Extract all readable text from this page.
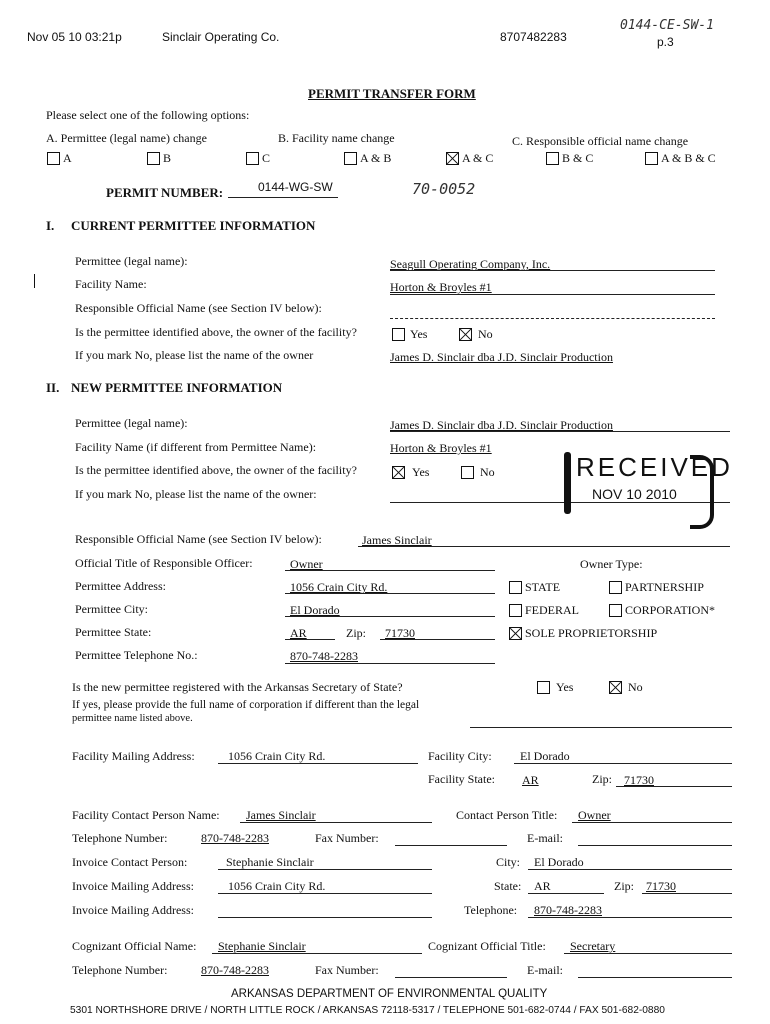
Nov 05 10 03:21p	Sinclair Operating Co.	8707482283
0144-CE-SW-1
p.3
PERMIT TRANSFER FORM
Please select one of the following options:
A. Permittee (legal name) change	B. Facility name change	C. Responsible official name change
A	B	C	A & B	A & C	B & C	A & B & C
PERMIT NUMBER:	0144-WG-SW	70-0052
I. CURRENT PERMITTEE INFORMATION
Permittee (legal name):	Seagull Operating Company, Inc.
Facility Name:	Horton & Broyles #1
Responsible Official Name (see Section IV below):
Is the permittee identified above, the owner of the facility?	Yes	No
If you mark No, please list the name of the owner	James D. Sinclair dba J.D. Sinclair Production
II. NEW PERMITTEE INFORMATION
Permittee (legal name):	James D. Sinclair dba J.D. Sinclair Production
Facility Name (if different from Permittee Name):	Horton & Broyles #1
Is the permittee identified above, the owner of the facility?	Yes	No
If you mark No, please list the name of the owner:
RECEIVED
NOV 10 2010
Responsible Official Name (see Section IV below):	James Sinclair
Official Title of Responsible Officer:	Owner	Owner Type:
Permittee Address:	1056 Crain City Rd.
Permittee City:	El Dorado
Permittee State:	AR	Zip: 71730
Permittee Telephone No.:	870-748-2283
STATE	PARTNERSHIP
FEDERAL	CORPORATION*
SOLE PROPRIETORSHIP
Is the new permittee registered with the Arkansas Secretary of State?	Yes	No
If yes, please provide the full name of corporation if different than the legal
permittee name listed above.
Facility Mailing Address:	1056 Crain City Rd.	Facility City: El Dorado
Facility State: AR	Zip: 71730
Facility Contact Person Name: James Sinclair	Contact Person Title: Owner
Telephone Number:	870-748-2283	Fax Number:	E-mail:
Invoice Contact Person:	Stephanie Sinclair	City: El Dorado
Invoice Mailing Address:	1056 Crain City Rd.	State: AR	Zip: 71730
Invoice Mailing Address:	Telephone: 870-748-2283
Cognizant Official Name: Stephanie Sinclair	Cognizant Official Title: Secretary
Telephone Number:	870-748-2283	Fax Number:	E-mail:
ARKANSAS DEPARTMENT OF ENVIRONMENTAL QUALITY
5301 NORTHSHORE DRIVE / NORTH LITTLE ROCK / ARKANSAS 72118-5317 / TELEPHONE 501-682-0744 / FAX 501-682-0880
